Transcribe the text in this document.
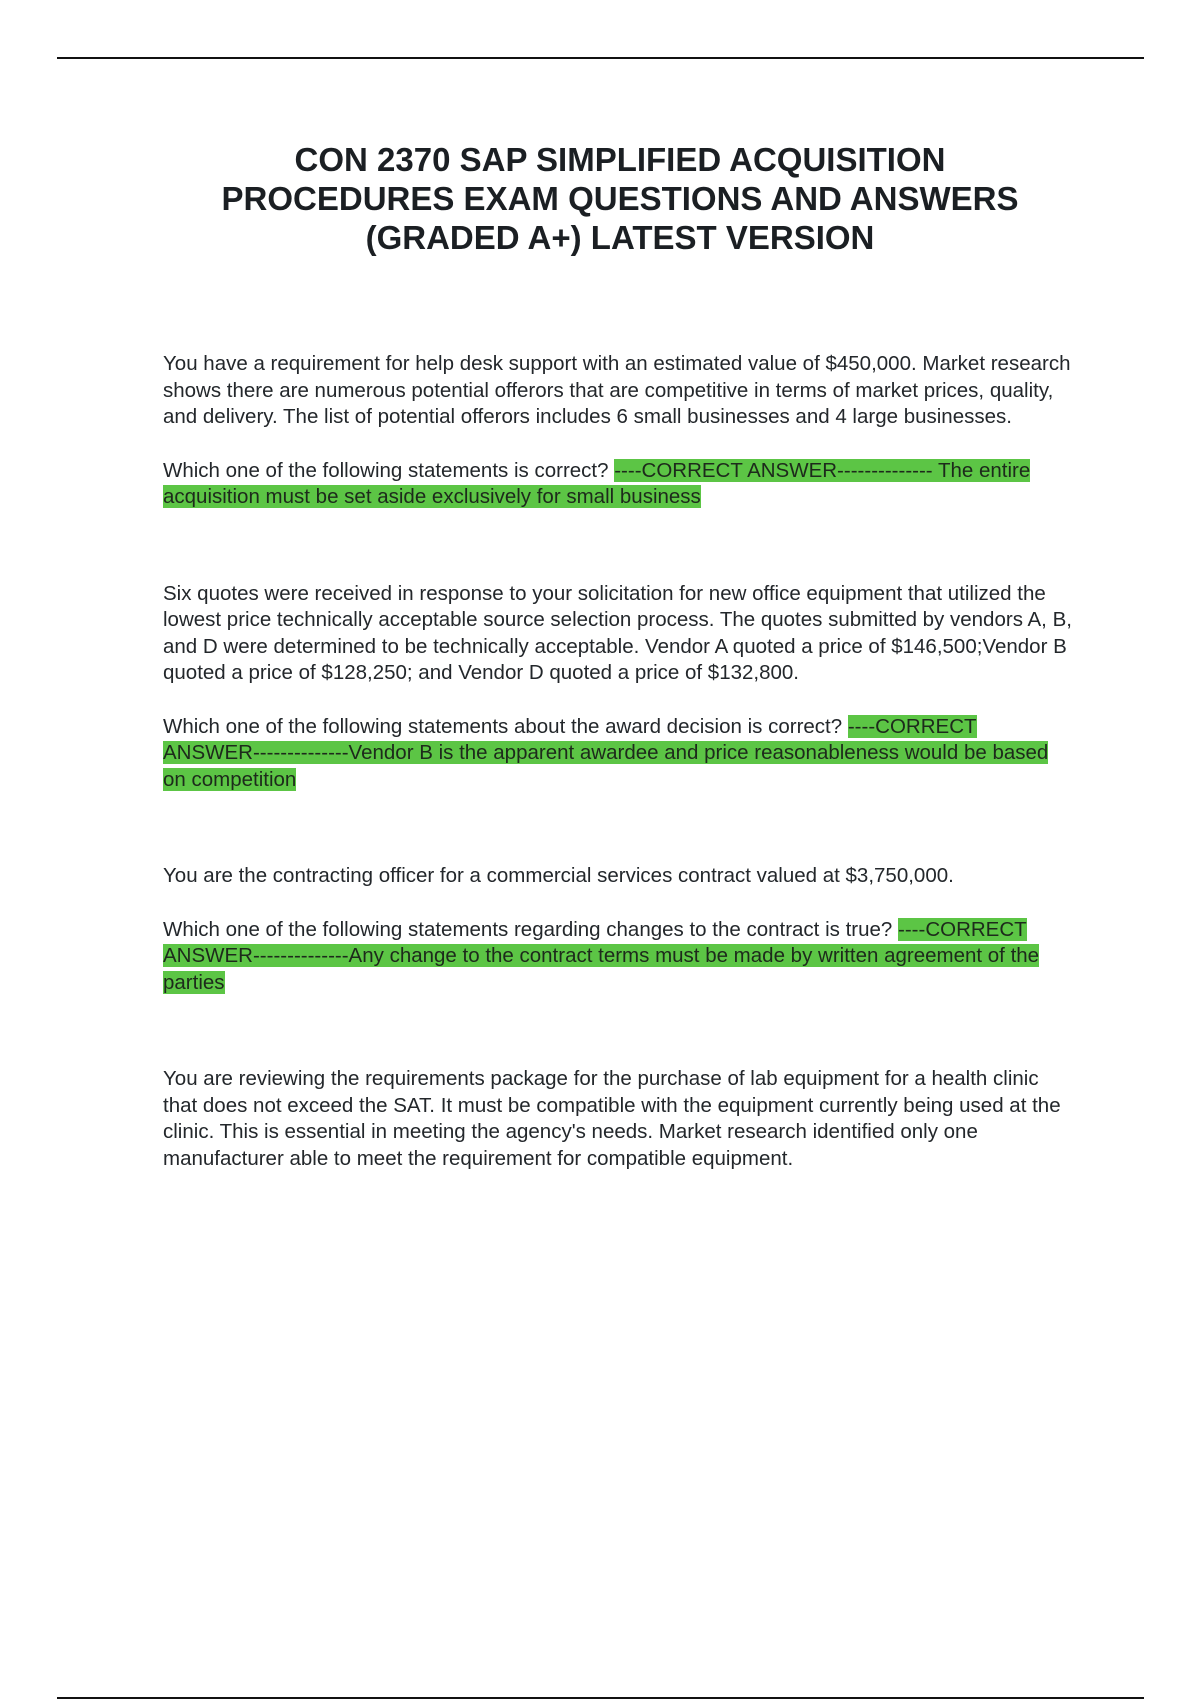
CON 2370 SAP SIMPLIFIED ACQUISITION
PROCEDURES EXAM QUESTIONS AND ANSWERS
(GRADED A+) LATEST VERSION

You have a requirement for help desk support with an estimated value of $450,000. Market research shows there are numerous potential offerors that are competitive in terms of market prices, quality, and delivery. The list of potential offerors includes 6 small businesses and 4 large businesses.

Which one of the following statements is correct? ----CORRECT ANSWER-------------- The entire acquisition must be set aside exclusively for small business

Six quotes were received in response to your solicitation for new office equipment that utilized the lowest price technically acceptable source selection process. The quotes submitted by vendors A, B, and D were determined to be technically acceptable. Vendor A quoted a price of $146,500;Vendor B quoted a price of $128,250; and Vendor D quoted a price of $132,800.

Which one of the following statements about the award decision is correct? ----CORRECT ANSWER--------------Vendor B is the apparent awardee and price reasonableness would be based on competition

You are the contracting officer for a commercial services contract valued at $3,750,000.

Which one of the following statements regarding changes to the contract is true? ----CORRECT ANSWER--------------Any change to the contract terms must be made by written agreement of the parties

You are reviewing the requirements package for the purchase of lab equipment for a health clinic that does not exceed the SAT. It must be compatible with the equipment currently being used at the clinic. This is essential in meeting the agency's needs. Market research identified only one manufacturer able to meet the requirement for compatible equipment.
